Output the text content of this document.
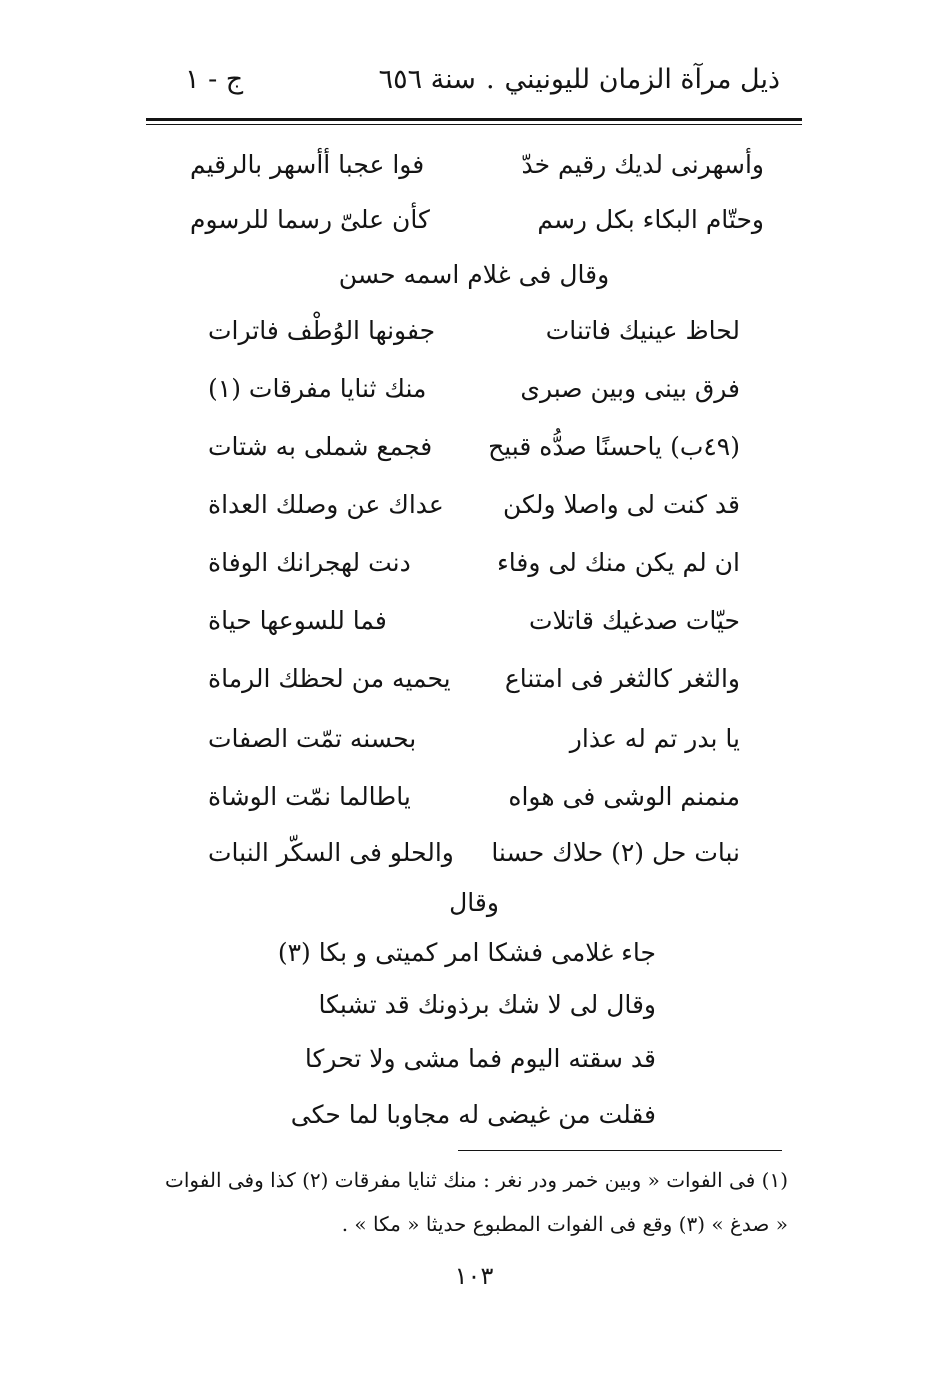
ذيل مرآة الزمان لليونيني.سنة ٦٥٦
ج - ١
وأسهرنى لديك رقيم خدّ
فوا عجبا أأسهر بالرقيم
وحتّام البكاء بكل رسم
كأن علىّ رسما للرسوم
وقال فى غلام اسمه حسن
لحاظ عينيك فاتنات
جفونها الوُطْف فاترات
فرق بينى وبين صبرى
منك ثنايا مفرقات (١)
(٤٩ب) ياحسنًا صدُّه قبيح
فجمع شملى به شتات
قد كنت لى واصلا ولكن
عداك عن وصلك العداة
ان لم يكن منك لى وفاء
دنت لهجرانك الوفاة
حيّات صدغيك قاتلات
فما للسوعها حياة
والثغر كالثغر فى امتناع
يحميه من لحظك الرماة
يا بدر تم له عذار
بحسنه تمّت الصفات
منمنم الوشى فى هواه
ياطالما نمّت الوشاة
نبات حل (٢) حلاك حسنا
والحلو فى السكّر النبات
وقال
جاء غلامى فشكا امر كميتى و بكا (٣)
وقال لى لا شك برذونك قد تشبكا
قد سقته اليوم فما مشى ولا تحركا
فقلت من غيضى له مجاوبا لما حكى
(١) فى الفوات « وبين خمر ودر نغر : منك ثنايا مفرقات (٢) كذا وفى الفوات
« صدغ » (٣) وقع فى الفوات المطبوع حديثا « مكا » .
١٠٣
